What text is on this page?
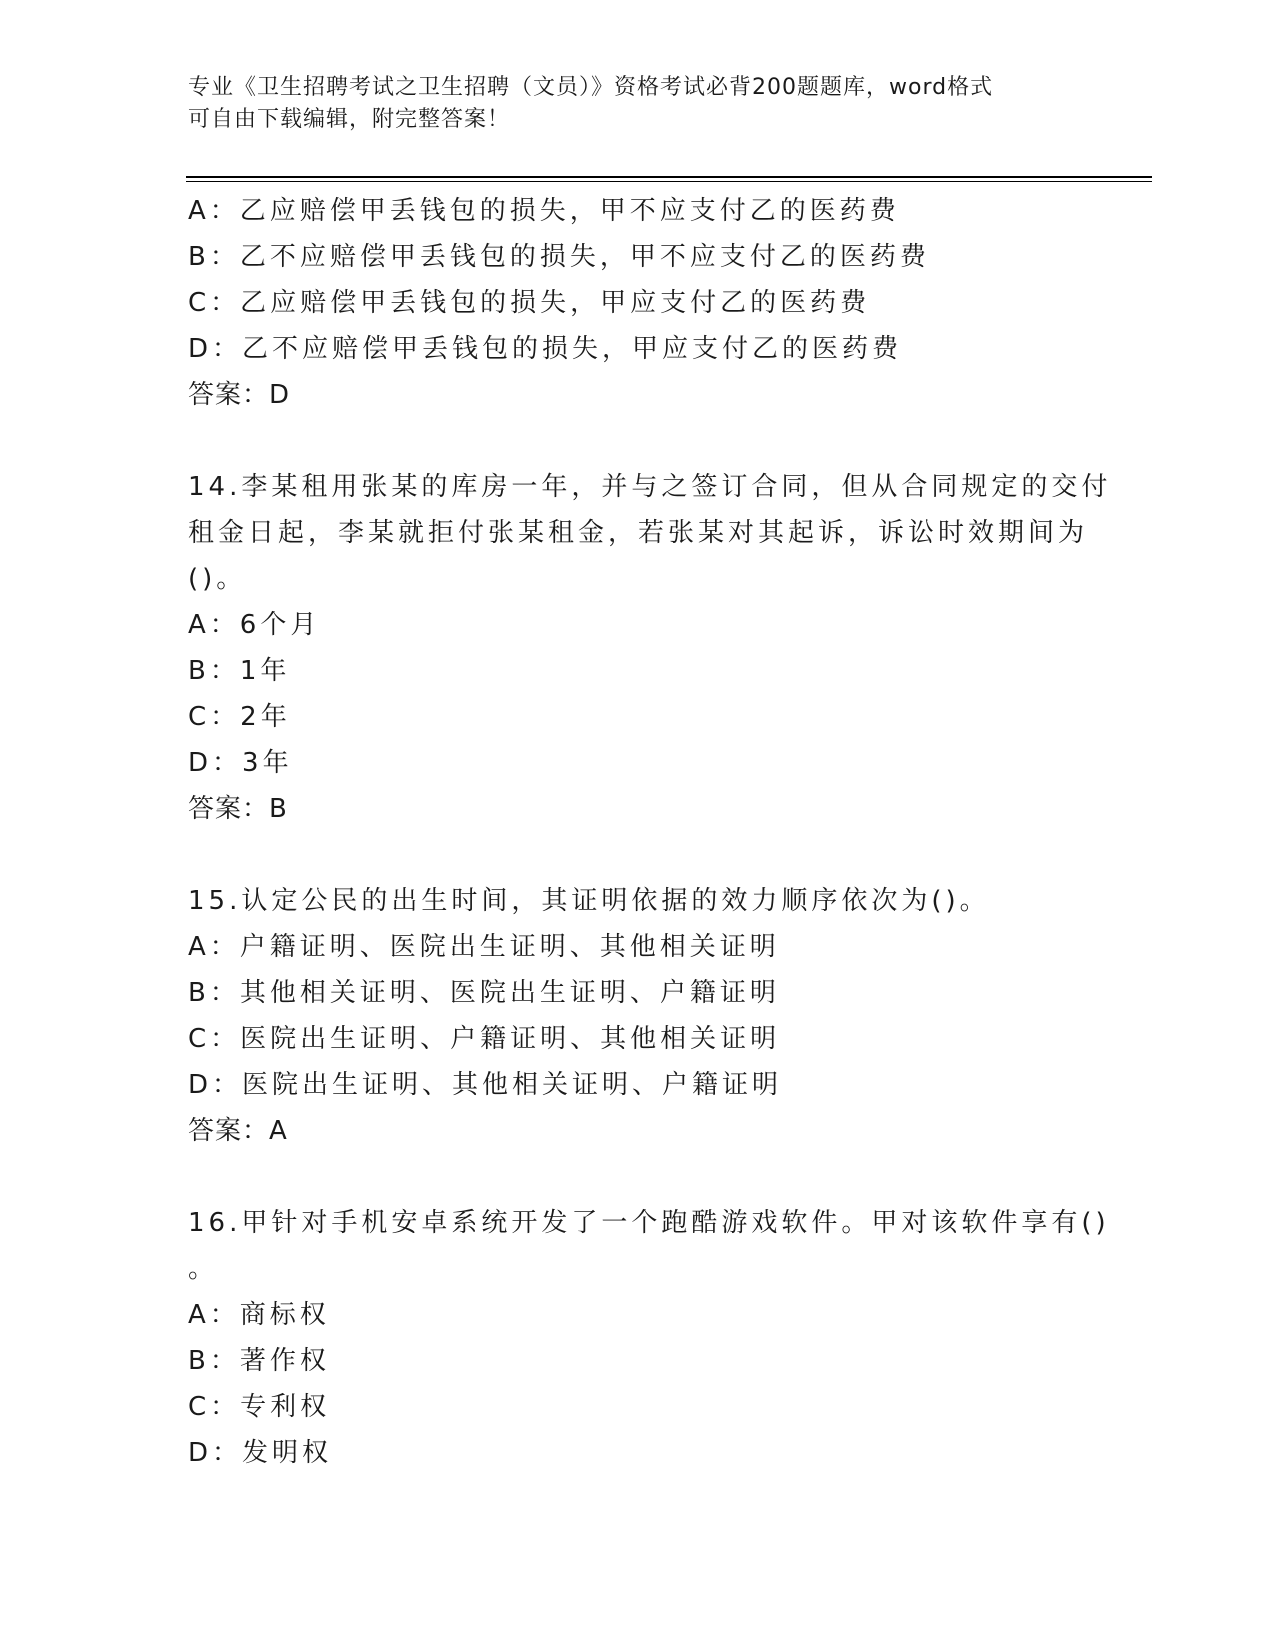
专业《卫生招聘考试之卫生招聘（文员）》资格考试必背200题题库，word格式
可自由下载编辑，附完整答案！
A：乙应赔偿甲丢钱包的损失，甲不应支付乙的医药费
B：乙不应赔偿甲丢钱包的损失，甲不应支付乙的医药费
C：乙应赔偿甲丢钱包的损失，甲应支付乙的医药费
D：乙不应赔偿甲丢钱包的损失，甲应支付乙的医药费
答案：D
14.李某租用张某的库房一年，并与之签订合同，但从合同规定的交付
租金日起，李某就拒付张某租金，若张某对其起诉，诉讼时效期间为
()。
A：6个月
B：1年
C：2年
D：3年
答案：B
15.认定公民的出生时间，其证明依据的效力顺序依次为()。
A：户籍证明、医院出生证明、其他相关证明
B：其他相关证明、医院出生证明、户籍证明
C：医院出生证明、户籍证明、其他相关证明
D：医院出生证明、其他相关证明、户籍证明
答案：A
16.甲针对手机安卓系统开发了一个跑酷游戏软件。甲对该软件享有()
。
A：商标权
B：著作权
C：专利权
D：发明权
